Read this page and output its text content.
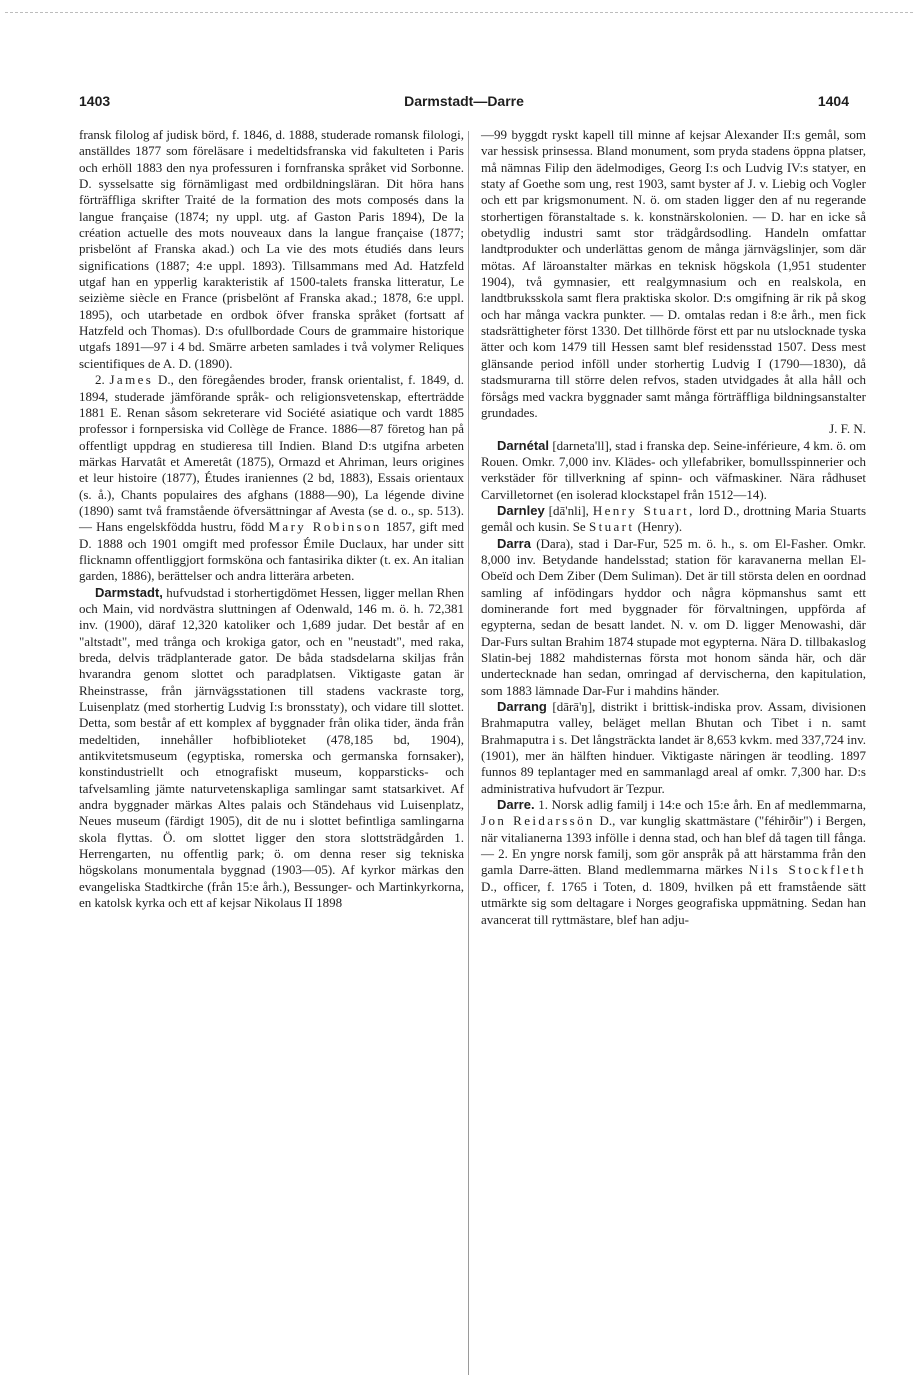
1403	Darmstadt—Darre	1404

fransk filolog af judisk börd, f. 1846, d. 1888, studerade romansk filologi, anställdes 1877 som föreläsare i medeltidsfranska vid fakulteten i Paris och erhöll 1883 den nya professuren i fornfranska språket vid Sorbonne. D. sysselsatte sig förnämligast med ordbildningsläran. Dit höra hans förträffliga skrifter Traité de la formation des mots composés dans la langue française (1874; ny uppl. utg. af Gaston Paris 1894), De la création actuelle des mots nouveaux dans la langue française (1877; prisbelönt af Franska akad.) och La vie des mots étudiés dans leurs significations (1887; 4:e uppl. 1893). Tillsammans med Ad. Hatzfeld utgaf han en ypperlig karakteristik af 1500-talets franska litteratur, Le seizième siècle en France (prisbelönt af Franska akad.; 1878, 6:e uppl. 1895), och utarbetade en ordbok öfver franska språket (fortsatt af Hatzfeld och Thomas). D:s ofullbordade Cours de grammaire historique utgafs 1891—97 i 4 bd. Smärre arbeten samlades i två volymer Reliques scientifiques de A. D. (1890).

2. James D., den föregåendes broder, fransk orientalist, f. 1849, d. 1894, studerade jämförande språk- och religionsvetenskap, efterträdde 1881 E. Renan såsom sekreterare vid Société asiatique och vardt 1885 professor i fornpersiska vid Collège de France. 1886—87 företog han på offentligt uppdrag en studieresa till Indien. Bland D:s utgifna arbeten märkas Harvatât et Ameretât (1875), Ormazd et Ahriman, leurs origines et leur histoire (1877), Études iraniennes (2 bd, 1883), Essais orientaux (s. å.), Chants populaires des afghans (1888—90), La légende divine (1890) samt två framstående öfversättningar af Avesta (se d. o., sp. 513). — Hans engelskfödda hustru, född Mary Robinson 1857, gift med D. 1888 och 1901 omgift med professor Émile Duclaux, har under sitt flicknamn offentliggjort formsköna och fantasirika dikter (t. ex. An italian garden, 1886), berättelser och andra litterära arbeten.

Darmstadt, hufvudstad i storhertigdömet Hessen, ligger mellan Rhen och Main, vid nordvästra sluttningen af Odenwald, 146 m. ö. h. 72,381 inv. (1900), däraf 12,320 katoliker och 1,689 judar. Det består af en "altstadt", med trånga och krokiga gator, och en "neustadt", med raka, breda, delvis trädplanterade gator. De båda stadsdelarna skiljas från hvarandra genom slottet och paradplatsen. Viktigaste gatan är Rheinstrasse, från järnvägsstationen till stadens vackraste torg, Luisenplatz (med storhertig Ludvig I:s bronsstaty), och vidare till slottet. Detta, som består af ett komplex af byggnader från olika tider, ända från medeltiden, innehåller hofbiblioteket (478,185 bd, 1904), antikvitetsmuseum (egyptiska, romerska och germanska fornsaker), konstindustriellt och etnografiskt museum, kopparsticks- och tafvelsamling jämte naturvetenskapliga samlingar samt statsarkivet. Af andra byggnader märkas Altes palais och Ständehaus vid Luisenplatz, Neues museum (färdigt 1905), dit de nu i slottet befintliga samlingarna skola flyttas. Ö. om slottet ligger den stora slottsträdgården 1. Herrengarten, nu offentlig park; ö. om denna reser sig tekniska högskolans monumentala byggnad (1903—05). Af kyrkor märkas den evangeliska Stadtkirche (från 15:e årh.), Bessunger- och Martinkyrkorna, en katolsk kyrka och ett af kejsar Nikolaus II 1898

—99 byggdt ryskt kapell till minne af kejsar Alexander II:s gemål, som var hessisk prinsessa. Bland monument, som pryda stadens öppna platser, må nämnas Filip den ädelmodiges, Georg I:s och Ludvig IV:s statyer, en staty af Goethe som ung, rest 1903, samt byster af J. v. Liebig och Vogler och ett par krigsmonument. N. ö. om staden ligger den af nu regerande storhertigen föranstaltade s. k. konstnärskolonien. — D. har en icke så obetydlig industri samt stor trädgårdsodling. Handeln omfattar landtprodukter och underlättas genom de många järnvägslinjer, som där mötas. Af läroanstalter märkas en teknisk högskola (1,951 studenter 1904), två gymnasier, ett realgymnasium och en realskola, en landtbruksskola samt flera praktiska skolor. D:s omgifning är rik på skog och har många vackra punkter. — D. omtalas redan i 8:e årh., men fick stadsrättigheter först 1330. Det tillhörde först ett par nu utslocknade tyska ätter och kom 1479 till Hessen samt blef residensstad 1507. Dess mest glänsande period inföll under storhertig Ludvig I (1790—1830), då stadsmurarna till större delen refvos, staden utvidgades åt alla håll och försågs med vackra byggnader samt många förträffliga bildningsanstalter grundades.

J. F. N.

Darnétal [darneta'll], stad i franska dep. Seine-inférieure, 4 km. ö. om Rouen. Omkr. 7,000 inv. Klädes- och yllefabriker, bomullsspinnerier och verkstäder för tillverkning af spinn- och väfmaskiner. Nära rådhuset Carvilletornet (en isolerad klockstapel från 1512—14).

Darnley [dā'nli], Henry Stuart, lord D., drottning Maria Stuarts gemål och kusin. Se Stuart (Henry).

Darra (Dara), stad i Dar-Fur, 525 m. ö. h., s. om El-Fasher. Omkr. 8,000 inv. Betydande handelsstad; station för karavanerna mellan El-Obeïd och Dem Ziber (Dem Suliman). Det är till största delen en oordnad samling af infödingars hyddor och några köpmanshus samt ett dominerande fort med byggnader för förvaltningen, uppförda af egypterna, sedan de besatt landet. N. v. om D. ligger Menowashi, där Dar-Furs sultan Brahim 1874 stupade mot egypterna. Nära D. tillbakaslog Slatin-bej 1882 mahdisternas första mot honom sända här, och där undertecknade han sedan, omringad af dervischerna, den kapitulation, som 1883 lämnade Dar-Fur i mahdins händer.

Darrang [dārā'ŋ], distrikt i brittisk-indiska prov. Assam, divisionen Brahmaputra valley, beläget mellan Bhutan och Tibet i n. samt Brahmaputra i s. Det långsträckta landet är 8,653 kvkm. med 337,724 inv. (1901), mer än hälften hinduer. Viktigaste näringen är teodling. 1897 funnos 89 teplantager med en sammanlagd areal af omkr. 7,300 har. D:s administrativa hufvudort är Tezpur.

Darre. 1. Norsk adlig familj i 14:e och 15:e årh. En af medlemmarna, Jon Reidarssön D., var kunglig skattmästare ("féhirðir") i Bergen, när vitalianerna 1393 infölle i denna stad, och han blef då tagen till fånga. — 2. En yngre norsk familj, som gör anspråk på att härstamma från den gamla Darre-ätten. Bland medlemmarna märkes Nils Stockfleth D., officer, f. 1765 i Toten, d. 1809, hvilken på ett framstående sätt utmärkte sig som deltagare i Norges geografiska uppmätning. Sedan han avancerat till ryttmästare, blef han adju-
